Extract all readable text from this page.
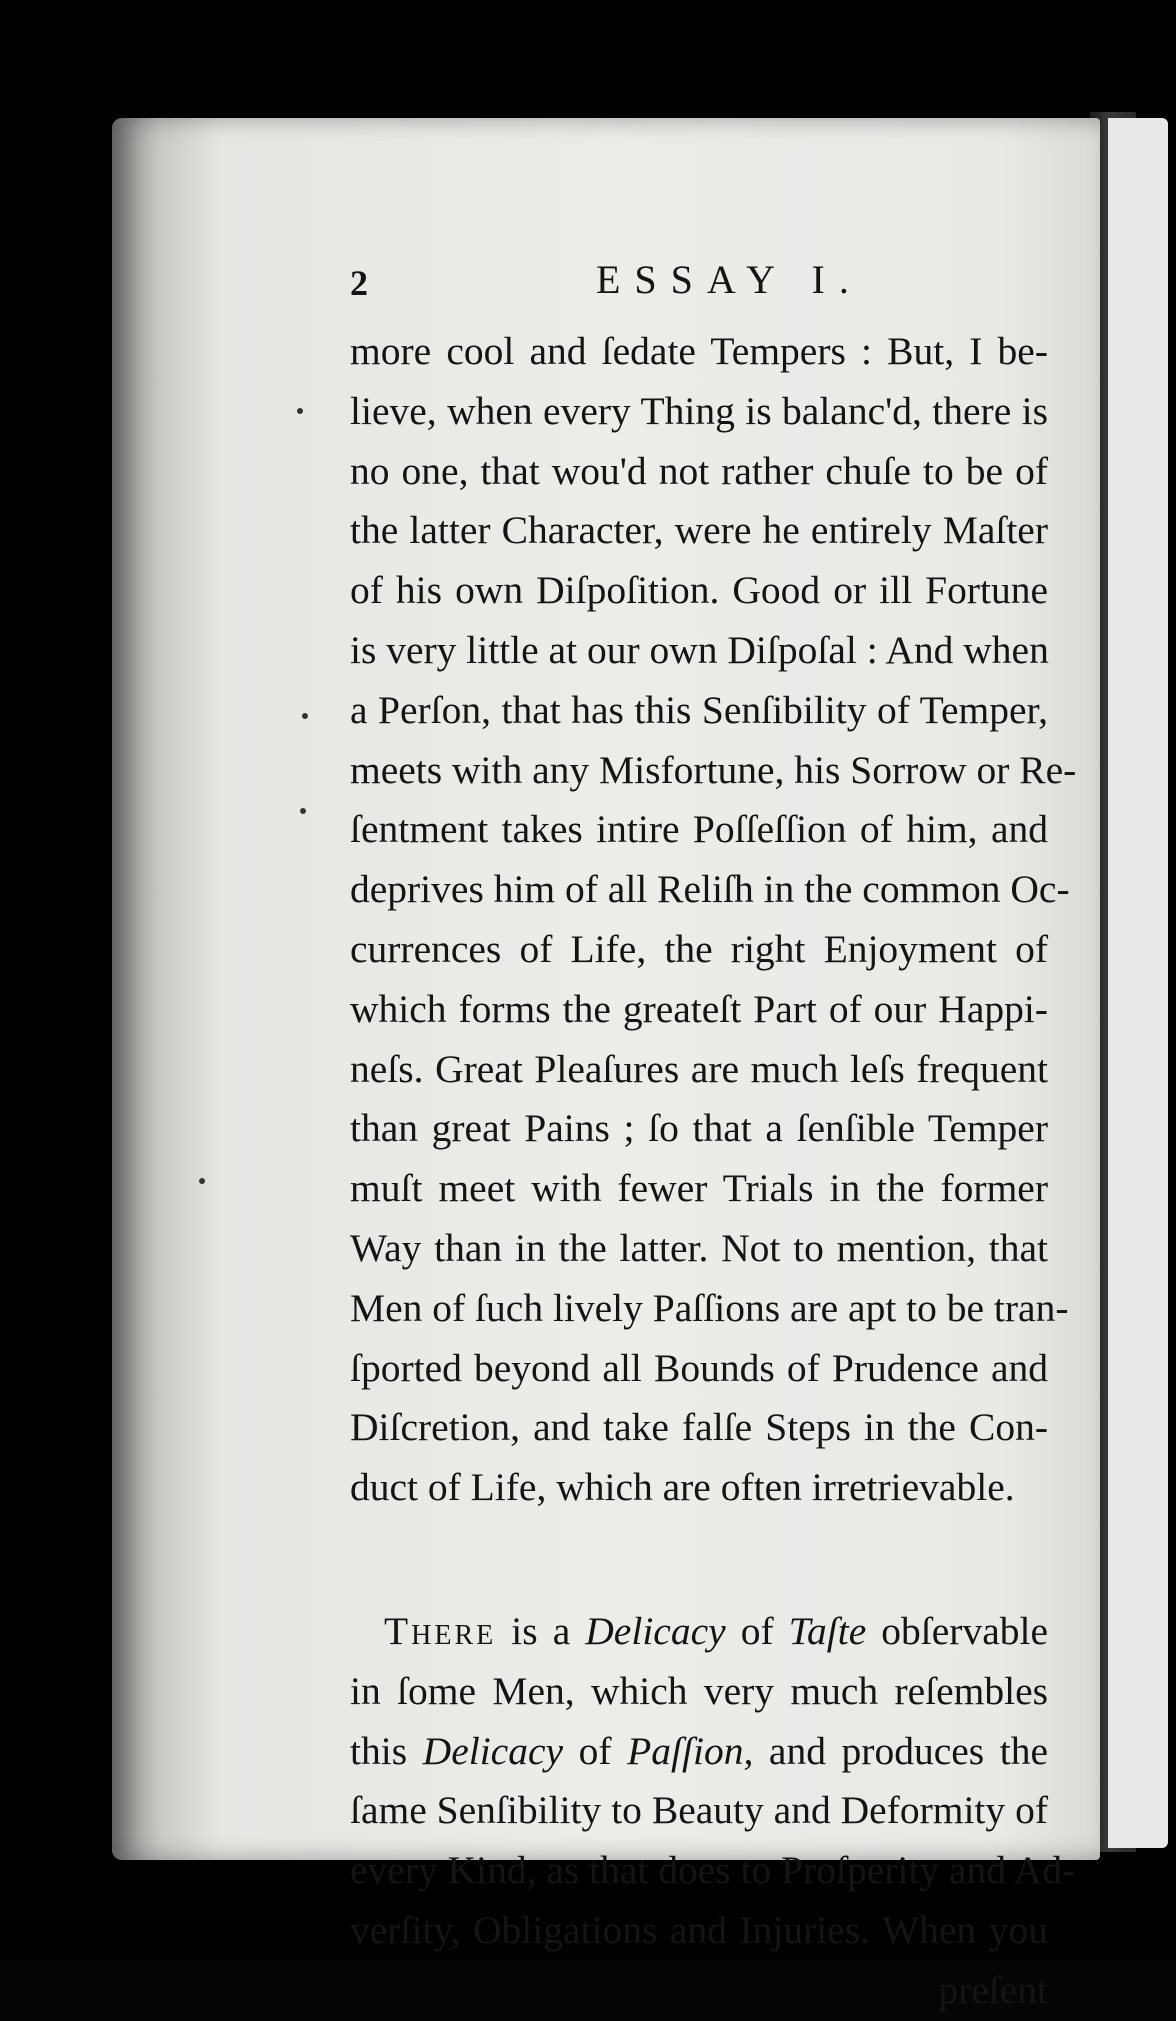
2	ESSAY I.
more cool and ſedate Tempers : But, I be-
lieve, when every Thing is balanc'd, there is
no one, that wou'd not rather chuſe to be of
the latter Character, were he entirely Maſter
of his own Diſpoſition. Good or ill Fortune
is very little at our own Diſpoſal : And when
a Perſon, that has this Senſibility of Temper,
meets with any Misfortune, his Sorrow or Re-
ſentment takes intire Poſſeſſion of him, and
deprives him of all Reliſh in the common Oc-
currences of Life, the right Enjoyment of
which forms the greateſt Part of our Happi-
neſs. Great Pleaſures are much leſs frequent
than great Pains ; ſo that a ſenſible Temper
muſt meet with fewer Trials in the former
Way than in the latter. Not to mention, that
Men of ſuch lively Paſſions are apt to be tran-
ſported beyond all Bounds of Prudence and
Diſcretion, and take falſe Steps in the Con-
duct of Life, which are often irretrievable.
There is a Delicacy of Taſte obſervable
in ſome Men, which very much reſembles
this Delicacy of Paſſion, and produces the
ſame Senſibility to Beauty and Deformity of
every Kind, as that does to Proſperity and Ad-
verſity, Obligations and Injuries. When you
preſent
